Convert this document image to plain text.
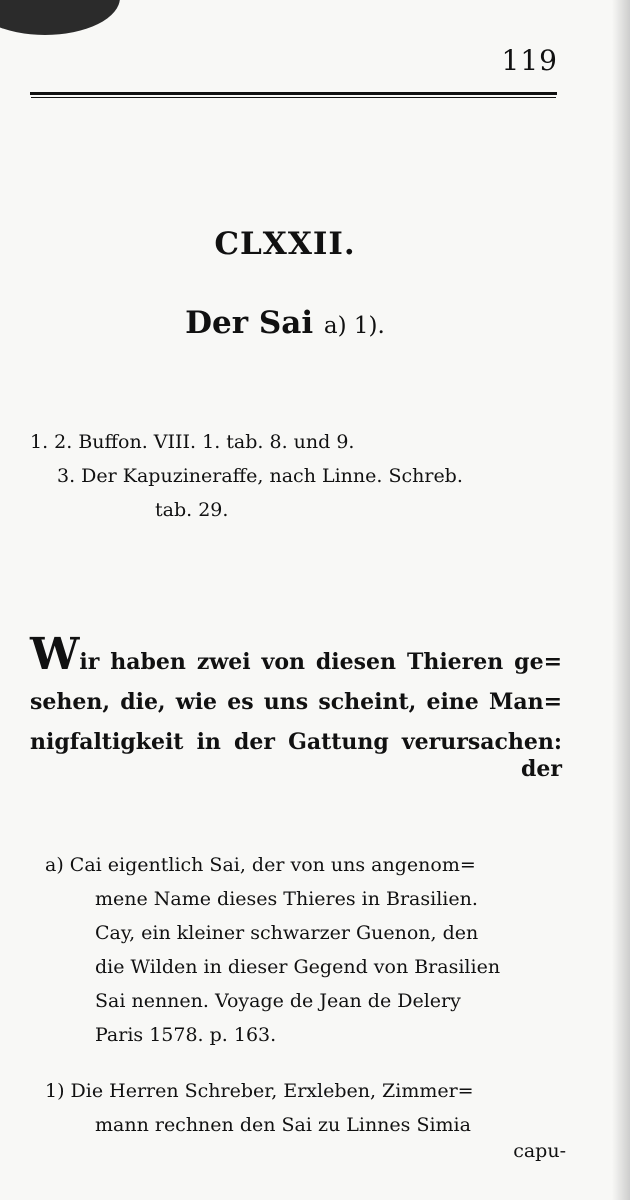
119
CLXXII.
Der Sai a) 1).
1. 2. Buffon. VIII. 1. tab. 8. und 9.
3. Der Kapuzineraffe, nach Linne. Schreb.
tab. 29.
Wir haben zwei von diesen Thieren ge=
sehen, die, wie es uns scheint, eine Man=
nigfaltigkeit in der Gattung verursachen:
der
a) Cai eigentlich Sai, der von uns angenom=
mene Name dieses Thieres in Brasilien.
Cay, ein kleiner schwarzer Guenon, den
die Wilden in dieser Gegend von Brasilien
Sai nennen. Voyage de Jean de Delery
Paris 1578. p. 163.
1) Die Herren Schreber, Erxleben, Zimmer=
mann rechnen den Sai zu Linnes Simia
capu-
